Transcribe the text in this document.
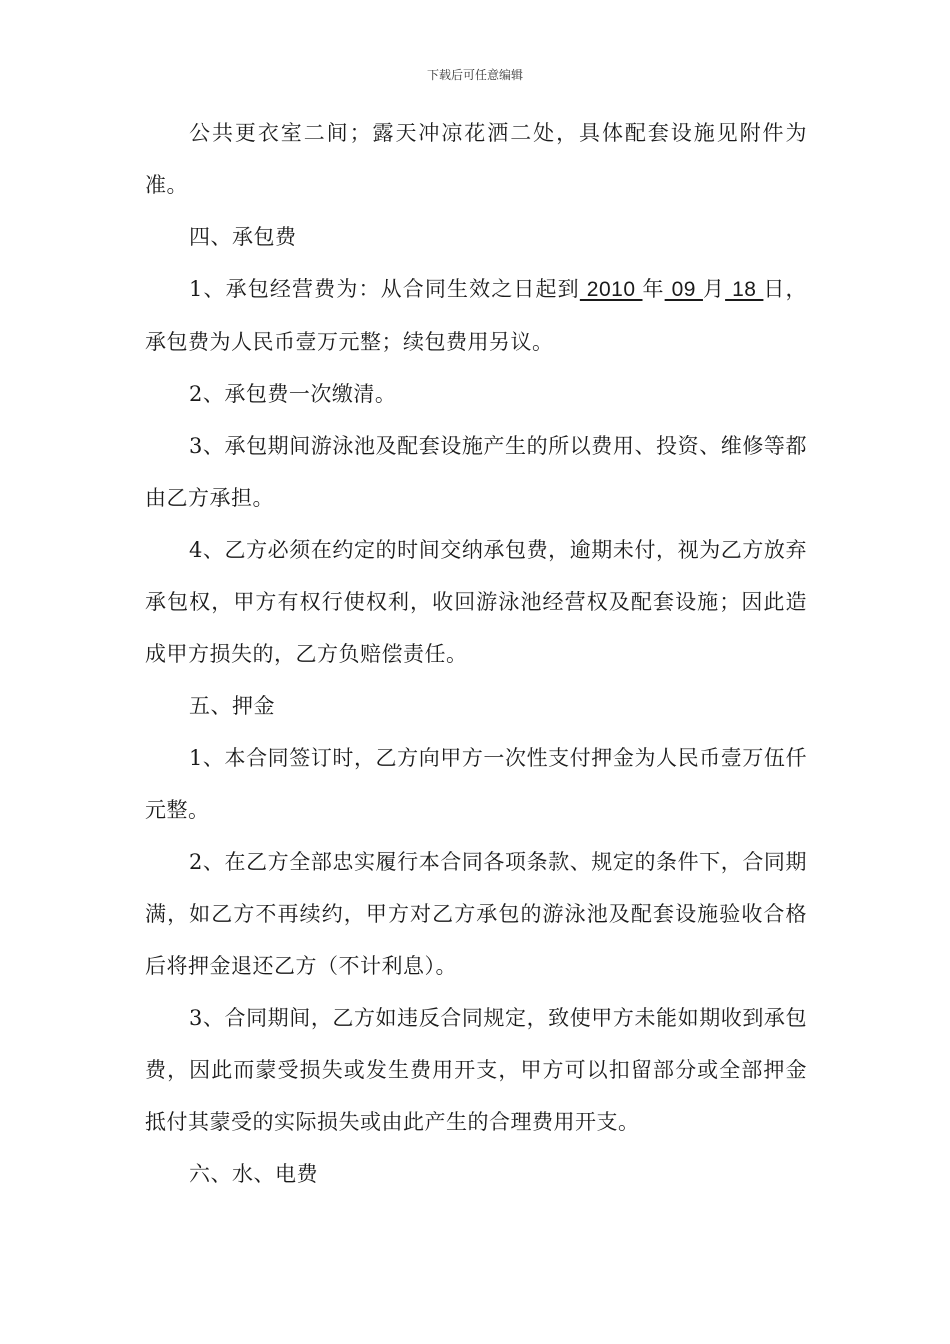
下载后可任意编辑

公共更衣室二间；露天冲凉花洒二处，具体配套设施见附件为准。

四、承包费

1、承包经营费为：从合同生效之日起到 2010 年 09 月 18 日，承包费为人民币壹万元整；续包费用另议。

2、承包费一次缴清。

3、承包期间游泳池及配套设施产生的所以费用、投资、维修等都由乙方承担。

4、乙方必须在约定的时间交纳承包费，逾期未付，视为乙方放弃承包权，甲方有权行使权利，收回游泳池经营权及配套设施；因此造成甲方损失的，乙方负赔偿责任。

五、押金

1、本合同签订时，乙方向甲方一次性支付押金为人民币壹万伍仟元整。

2、在乙方全部忠实履行本合同各项条款、规定的条件下，合同期满，如乙方不再续约，甲方对乙方承包的游泳池及配套设施验收合格后将押金退还乙方（不计利息）。

3、合同期间，乙方如违反合同规定，致使甲方未能如期收到承包费，因此而蒙受损失或发生费用开支，甲方可以扣留部分或全部押金抵付其蒙受的实际损失或由此产生的合理费用开支。

六、水、电费
